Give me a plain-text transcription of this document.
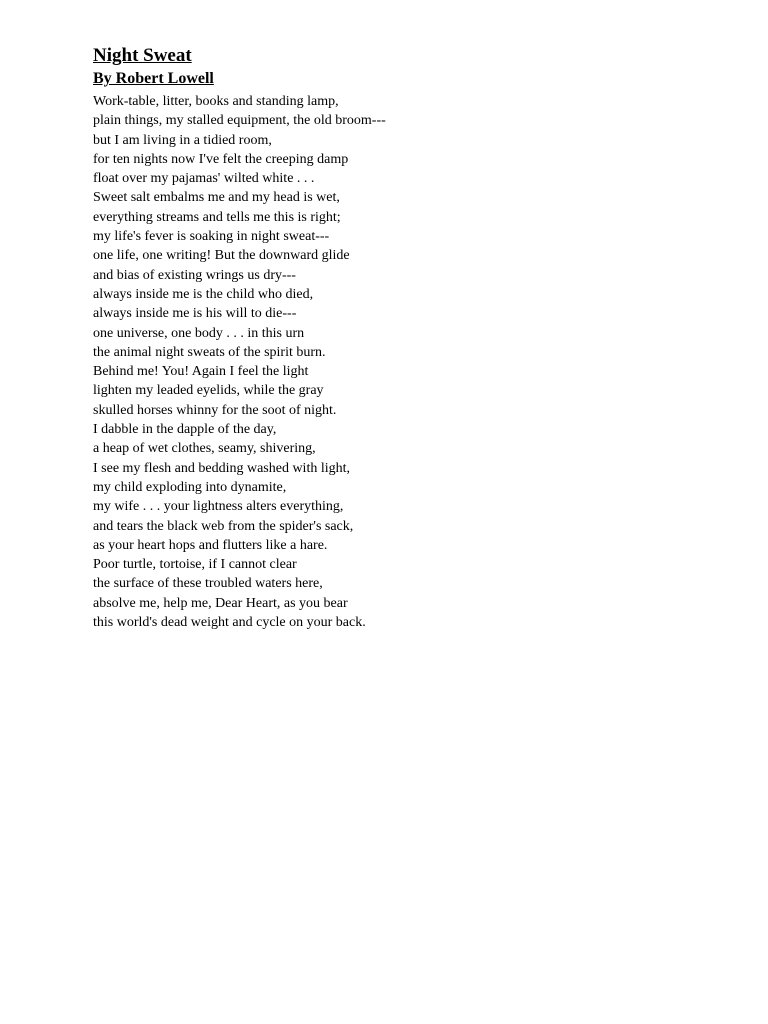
Night Sweat
By Robert Lowell
Work-table, litter, books and standing lamp,
plain things, my stalled equipment, the old broom---
but I am living in a tidied room,
for ten nights now I've felt the creeping damp
float over my pajamas' wilted white . . .
Sweet salt embalms me and my head is wet,
everything streams and tells me this is right;
my life's fever is soaking in night sweat---
one life, one writing! But the downward glide
and bias of existing wrings us dry---
always inside me is the child who died,
always inside me is his will to die---
one universe, one body . . . in this urn
the animal night sweats of the spirit burn.
Behind me! You! Again I feel the light
lighten my leaded eyelids, while the gray
skulled horses whinny for the soot of night.
I dabble in the dapple of the day,
a heap of wet clothes, seamy, shivering,
I see my flesh and bedding washed with light,
my child exploding into dynamite,
my wife . . . your lightness alters everything,
and tears the black web from the spider's sack,
as your heart hops and flutters like a hare.
Poor turtle, tortoise, if I cannot clear
the surface of these troubled waters here,
absolve me, help me, Dear Heart, as you bear
this world's dead weight and cycle on your back.
